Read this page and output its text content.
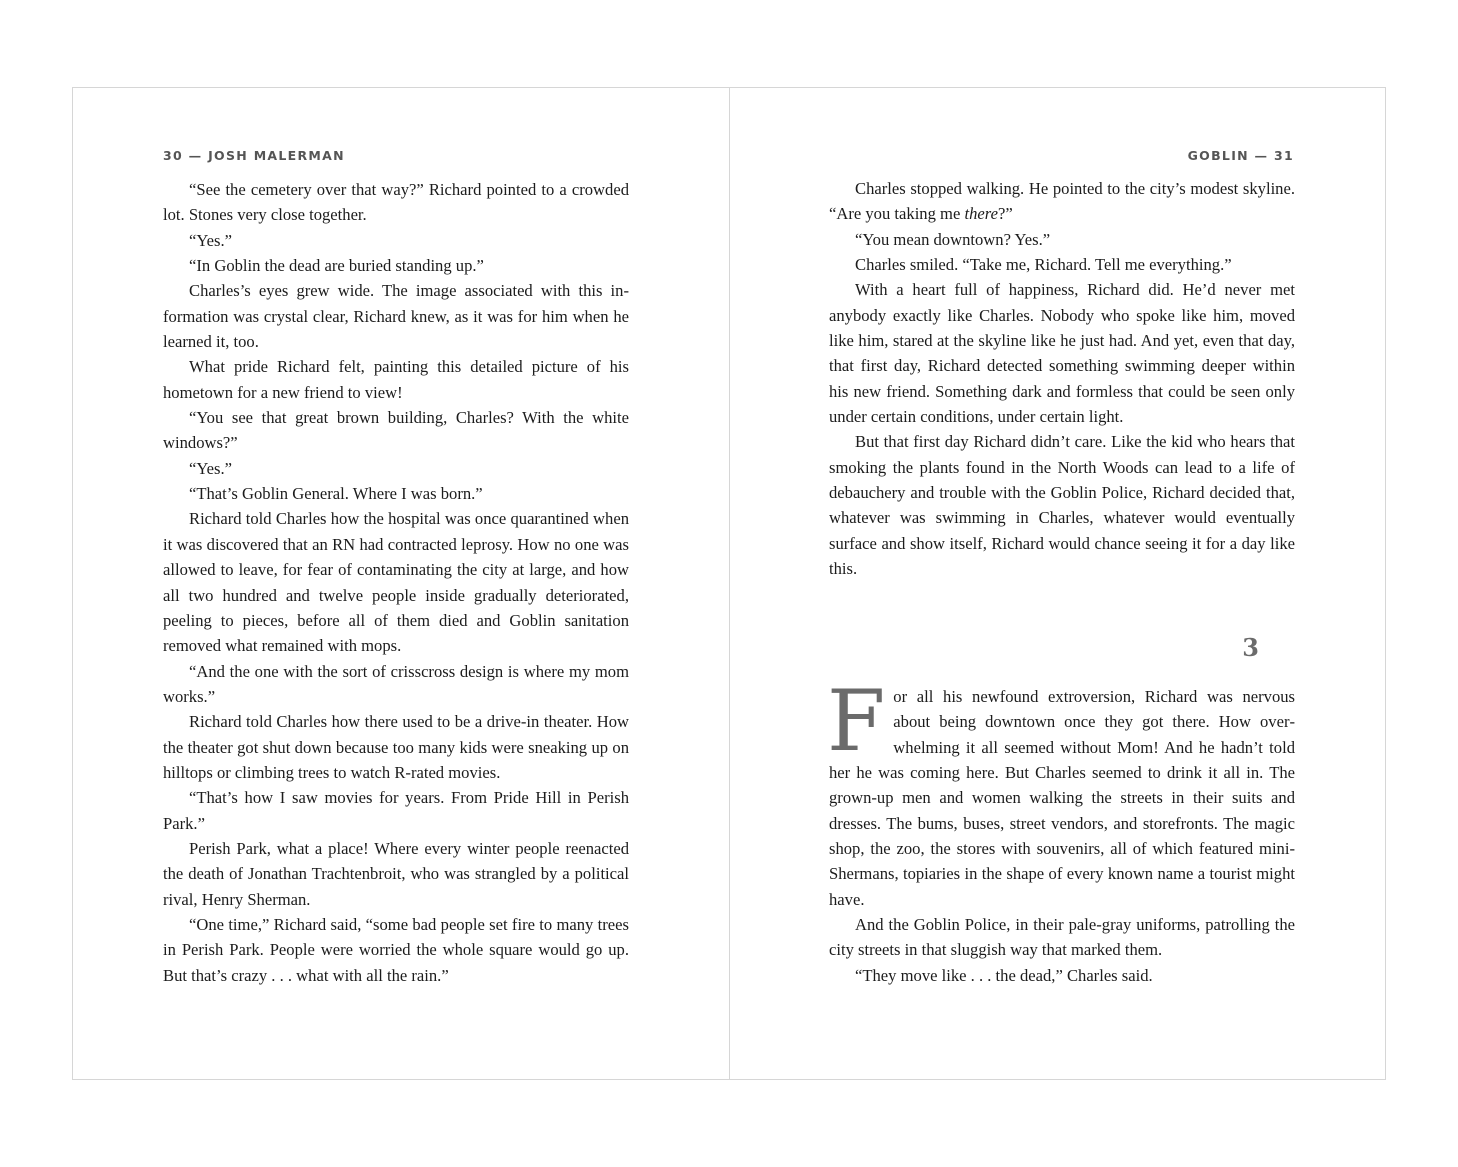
30 — JOSH MALERMAN

“See the cemetery over that way?” Richard pointed to a crowded lot. Stones very close together.

“Yes.”

“In Goblin the dead are buried standing up.”

Charles’s eyes grew wide. The image associated with this information was crystal clear, Richard knew, as it was for him when he learned it, too.

What pride Richard felt, painting this detailed picture of his hometown for a new friend to view!

“You see that great brown building, Charles? With the white windows?”

“Yes.”

“That’s Goblin General. Where I was born.”

Richard told Charles how the hospital was once quarantined when it was discovered that an RN had contracted leprosy. How no one was allowed to leave, for fear of contaminating the city at large, and how all two hundred and twelve people inside gradually deteriorated, peeling to pieces, before all of them died and Goblin sanitation removed what remained with mops.

“And the one with the sort of crisscross design is where my mom works.”

Richard told Charles how there used to be a drive-in theater. How the theater got shut down because too many kids were sneaking up on hilltops or climbing trees to watch R-rated movies.

“That’s how I saw movies for years. From Pride Hill in Perish Park.”

Perish Park, what a place! Where every winter people reenacted the death of Jonathan Trachtenbroit, who was strangled by a political rival, Henry Sherman.

“One time,” Richard said, “some bad people set fire to many trees in Perish Park. People were worried the whole square would go up. But that’s crazy . . . what with all the rain.”

GOBLIN — 31

Charles stopped walking. He pointed to the city’s modest skyline. “Are you taking me there?”

“You mean downtown? Yes.”

Charles smiled. “Take me, Richard. Tell me everything.”

With a heart full of happiness, Richard did. He’d never met anybody exactly like Charles. Nobody who spoke like him, moved like him, stared at the skyline like he just had. And yet, even that day, that first day, Richard detected something swimming deeper within his new friend. Something dark and formless that could be seen only under certain conditions, under certain light.

But that first day Richard didn’t care. Like the kid who hears that smoking the plants found in the North Woods can lead to a life of debauchery and trouble with the Goblin Police, Richard decided that, whatever was swimming in Charles, whatever would eventually surface and show itself, Richard would chance seeing it for a day like this.

3

For all his newfound extroversion, Richard was nervous about being downtown once they got there. How overwhelming it all seemed without Mom! And he hadn’t told her he was coming here. But Charles seemed to drink it all in. The grown-up men and women walking the streets in their suits and dresses. The bums, buses, street vendors, and storefronts. The magic shop, the zoo, the stores with souvenirs, all of which featured mini-Shermans, topiaries in the shape of every known name a tourist might have.

And the Goblin Police, in their pale-gray uniforms, patrolling the city streets in that sluggish way that marked them.

“They move like . . . the dead,” Charles said.
